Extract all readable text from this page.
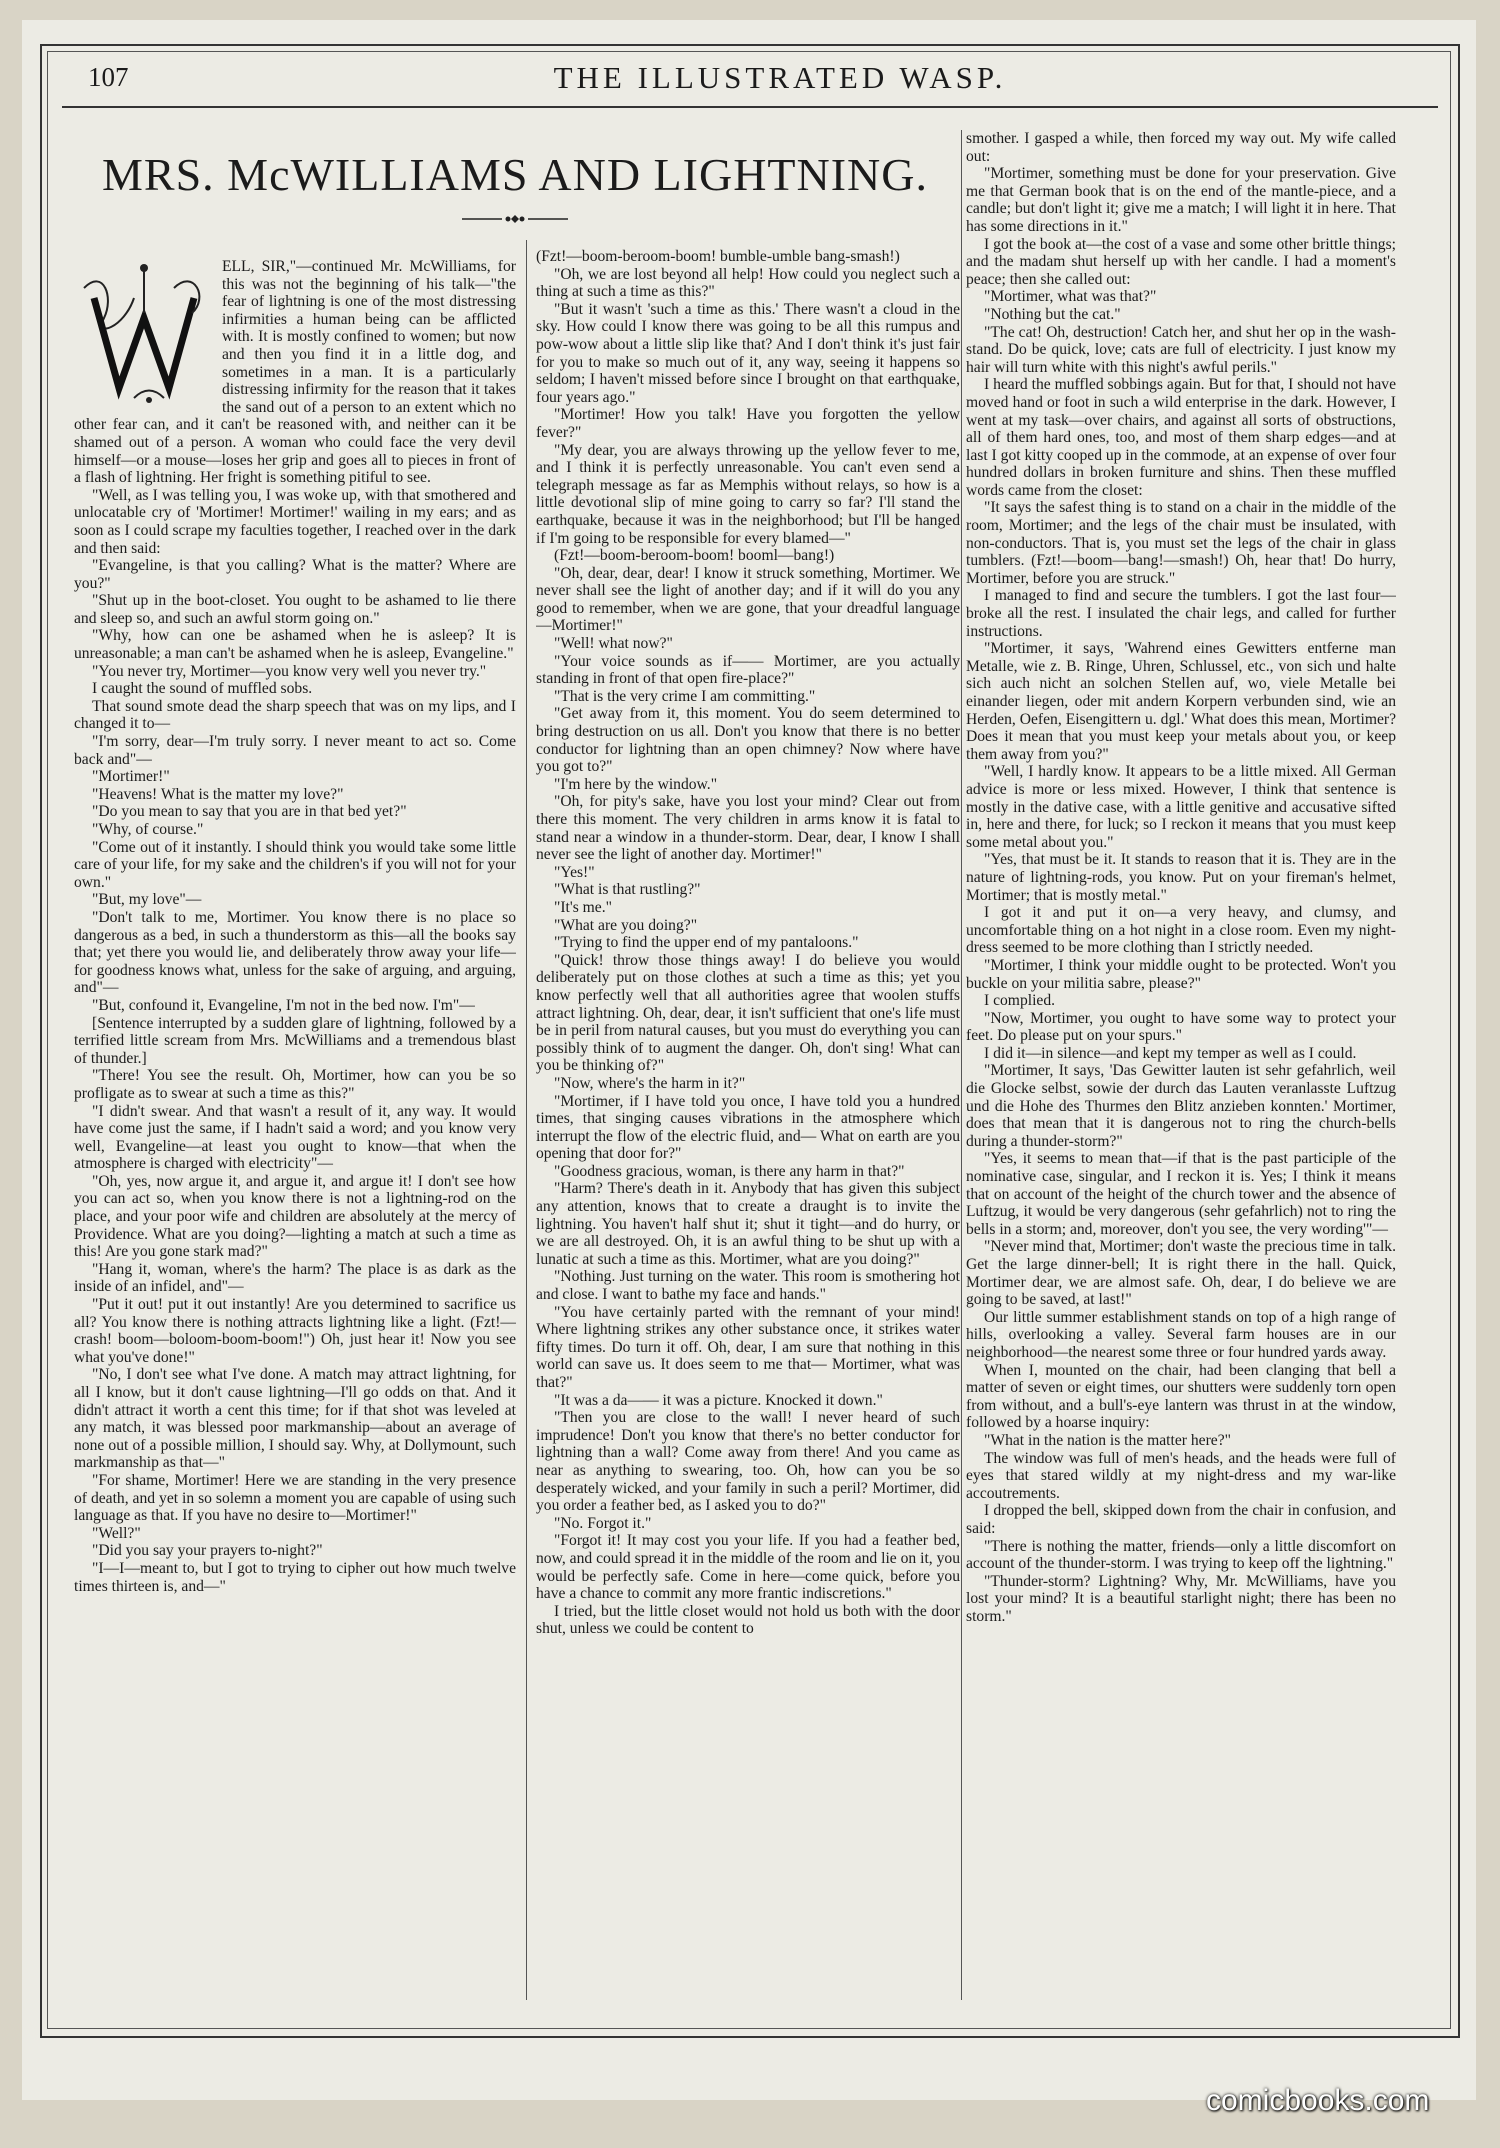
107	THE ILLUSTRATED WASP.
MRS. McWILLIAMS AND LIGHTNING.

ELL, SIR,"—continued Mr. McWilliams, for this was not the beginning of his talk—"the fear of lightning is one of the most distressing infirmities a human being can be afflicted with. It is mostly confined to women; but now and then you find it in a little dog, and sometimes in a man. It is a particularly distressing infirmity for the reason that it takes the sand out of a person to an extent which no other fear can, and it can't be reasoned with, and neither can it be shamed out of a person. A woman who could face the very devil himself—or a mouse—loses her grip and goes all to pieces in front of a flash of lightning. Her fright is something pitiful to see.

"Well, as I was telling you, I was woke up, with that smothered and unlocatable cry of 'Mortimer! Mortimer!' wailing in my ears; and as soon as I could scrape my faculties together, I reached over in the dark and then said:

"Evangeline, is that you calling? What is the matter? Where are you?"

"Shut up in the boot-closet. You ought to be ashamed to lie there and sleep so, and such an awful storm going on."

"Why, how can one be ashamed when he is asleep? It is unreasonable; a man can't be ashamed when he is asleep, Evangeline."

"You never try, Mortimer—you know very well you never try."

I caught the sound of muffled sobs.

That sound smote dead the sharp speech that was on my lips, and I changed it to—

"I'm sorry, dear—I'm truly sorry. I never meant to act so. Come back and"—

"Mortimer!"

"Heavens! What is the matter my love?"

"Do you mean to say that you are in that bed yet?"

"Why, of course."

"Come out of it instantly. I should think you would take some little care of your life, for my sake and the children's if you will not for your own."

"But, my love"—

"Don't talk to me, Mortimer. You know there is no place so dangerous as a bed, in such a thunderstorm as this—all the books say that; yet there you would lie, and deliberately throw away your life—for goodness knows what, unless for the sake of arguing, and arguing, and"—

"But, confound it, Evangeline, I'm not in the bed now. I'm"—

[Sentence interrupted by a sudden glare of lightning, followed by a terrified little scream from Mrs. McWilliams and a tremendous blast of thunder.]

"There! You see the result. Oh, Mortimer, how can you be so profligate as to swear at such a time as this?"

"I didn't swear. And that wasn't a result of it, any way. It would have come just the same, if I hadn't said a word; and you know very well, Evangeline—at least you ought to know—that when the atmosphere is charged with electricity"—

"Oh, yes, now argue it, and argue it, and argue it! I don't see how you can act so, when you know there is not a lightning-rod on the place, and your poor wife and children are absolutely at the mercy of Providence. What are you doing?—lighting a match at such a time as this! Are you gone stark mad?"

"Hang it, woman, where's the harm? The place is as dark as the inside of an infidel, and"—

"Put it out! put it out instantly! Are you determined to sacrifice us all? You know there is nothing attracts lightning like a light. (Fzt!—crash! boom—boloom-boom-boom!") Oh, just hear it! Now you see what you've done!"

"No, I don't see what I've done. A match may attract lightning, for all I know, but it don't cause lightning—I'll go odds on that. And it didn't attract it worth a cent this time; for if that shot was leveled at any match, it was blessed poor markmanship—about an average of none out of a possible million, I should say. Why, at Dollymount, such markmanship as that—"

"For shame, Mortimer! Here we are standing in the very presence of death, and yet in so solemn a moment you are capable of using such language as that. If you have no desire to—Mortimer!"

"Well?"

"Did you say your prayers to-night?"

"I—I—meant to, but I got to trying to cipher out how much twelve times thirteen is, and—"

(Fzt!—boom-beroom-boom! bumble-umble bang-smash!)

"Oh, we are lost beyond all help! How could you neglect such a thing at such a time as this?"

"But it wasn't 'such a time as this.' There wasn't a cloud in the sky. How could I know there was going to be all this rumpus and pow-wow about a little slip like that? And I don't think it's just fair for you to make so much out of it, any way, seeing it happens so seldom; I haven't missed before since I brought on that earthquake, four years ago."

"Mortimer! How you talk! Have you forgotten the yellow fever?"

"My dear, you are always throwing up the yellow fever to me, and I think it is perfectly unreasonable. You can't even send a telegraph message as far as Memphis without relays, so how is a little devotional slip of mine going to carry so far? I'll stand the earthquake, because it was in the neighborhood; but I'll be hanged if I'm going to be responsible for every blamed—"

(Fzt!—boom-beroom-boom! booml—bang!)

"Oh, dear, dear, dear! I know it struck something, Mortimer. We never shall see the light of another day; and if it will do you any good to remember, when we are gone, that your dreadful language—Mortimer!"

"Well! what now?"

"Your voice sounds as if—— Mortimer, are you actually standing in front of that open fire-place?"

"That is the very crime I am committing."

"Get away from it, this moment. You do seem determined to bring destruction on us all. Don't you know that there is no better conductor for lightning than an open chimney? Now where have you got to?"

"I'm here by the window."

"Oh, for pity's sake, have you lost your mind? Clear out from there this moment. The very children in arms know it is fatal to stand near a window in a thunder-storm. Dear, dear, I know I shall never see the light of another day. Mortimer!"

"Yes!"

"What is that rustling?"

"It's me."

"What are you doing?"

"Trying to find the upper end of my pantaloons."

"Quick! throw those things away! I do believe you would deliberately put on those clothes at such a time as this; yet you know perfectly well that all authorities agree that woolen stuffs attract lightning. Oh, dear, dear, it isn't sufficient that one's life must be in peril from natural causes, but you must do everything you can possibly think of to augment the danger. Oh, don't sing! What can you be thinking of?"

"Now, where's the harm in it?"

"Mortimer, if I have told you once, I have told you a hundred times, that singing causes vibrations in the atmosphere which interrupt the flow of the electric fluid, and— What on earth are you opening that door for?"

"Goodness gracious, woman, is there any harm in that?"

"Harm? There's death in it. Anybody that has given this subject any attention, knows that to create a draught is to invite the lightning. You haven't half shut it; shut it tight—and do hurry, or we are all destroyed. Oh, it is an awful thing to be shut up with a lunatic at such a time as this. Mortimer, what are you doing?"

"Nothing. Just turning on the water. This room is smothering hot and close. I want to bathe my face and hands."

"You have certainly parted with the remnant of your mind! Where lightning strikes any other substance once, it strikes water fifty times. Do turn it off. Oh, dear, I am sure that nothing in this world can save us. It does seem to me that— Mortimer, what was that?"

"It was a da—— it was a picture. Knocked it down."

"Then you are close to the wall! I never heard of such imprudence! Don't you know that there's no better conductor for lightning than a wall? Come away from there! And you came as near as anything to swearing, too. Oh, how can you be so desperately wicked, and your family in such a peril? Mortimer, did you order a feather bed, as I asked you to do?"

"No. Forgot it."

"Forgot it! It may cost you your life. If you had a feather bed, now, and could spread it in the middle of the room and lie on it, you would be perfectly safe. Come in here—come quick, before you have a chance to commit any more frantic indiscretions."

I tried, but the little closet would not hold us both with the door shut, unless we could be content to

smother. I gasped a while, then forced my way out. My wife called out:

"Mortimer, something must be done for your preservation. Give me that German book that is on the end of the mantle-piece, and a candle; but don't light it; give me a match; I will light it in here. That has some directions in it."

I got the book at—the cost of a vase and some other brittle things; and the madam shut herself up with her candle. I had a moment's peace; then she called out:

"Mortimer, what was that?"

"Nothing but the cat."

"The cat! Oh, destruction! Catch her, and shut her op in the wash-stand. Do be quick, love; cats are full of electricity. I just know my hair will turn white with this night's awful perils."

I heard the muffled sobbings again. But for that, I should not have moved hand or foot in such a wild enterprise in the dark. However, I went at my task—over chairs, and against all sorts of obstructions, all of them hard ones, too, and most of them sharp edges—and at last I got kitty cooped up in the commode, at an expense of over four hundred dollars in broken furniture and shins. Then these muffled words came from the closet:

"It says the safest thing is to stand on a chair in the middle of the room, Mortimer; and the legs of the chair must be insulated, with non-conductors. That is, you must set the legs of the chair in glass tumblers. (Fzt!—boom—bang!—smash!) Oh, hear that! Do hurry, Mortimer, before you are struck."

I managed to find and secure the tumblers. I got the last four—broke all the rest. I insulated the chair legs, and called for further instructions.

"Mortimer, it says, 'Wahrend eines Gewitters entferne man Metalle, wie z. B. Ringe, Uhren, Schlussel, etc., von sich und halte sich auch nicht an solchen Stellen auf, wo, viele Metalle bei einander liegen, oder mit andern Korpern verbunden sind, wie an Herden, Oefen, Eisengittern u. dgl.' What does this mean, Mortimer? Does it mean that you must keep your metals about you, or keep them away from you?"

"Well, I hardly know. It appears to be a little mixed. All German advice is more or less mixed. However, I think that sentence is mostly in the dative case, with a little genitive and accusative sifted in, here and there, for luck; so I reckon it means that you must keep some metal about you."

"Yes, that must be it. It stands to reason that it is. They are in the nature of lightning-rods, you know. Put on your fireman's helmet, Mortimer; that is mostly metal."

I got it and put it on—a very heavy, and clumsy, and uncomfortable thing on a hot night in a close room. Even my night-dress seemed to be more clothing than I strictly needed.

"Mortimer, I think your middle ought to be protected. Won't you buckle on your militia sabre, please?"

I complied.

"Now, Mortimer, you ought to have some way to protect your feet. Do please put on your spurs."

I did it—in silence—and kept my temper as well as I could.

"Mortimer, It says, 'Das Gewitter lauten ist sehr gefahrlich, weil die Glocke selbst, sowie der durch das Lauten veranlasste Luftzug und die Hohe des Thurmes den Blitz anzieben konnten.' Mortimer, does that mean that it is dangerous not to ring the church-bells during a thunder-storm?"

"Yes, it seems to mean that—if that is the past participle of the nominative case, singular, and I reckon it is. Yes; I think it means that on account of the height of the church tower and the absence of Luftzug, it would be very dangerous (sehr gefahrlich) not to ring the bells in a storm; and, moreover, don't you see, the very wording'"—

"Never mind that, Mortimer; don't waste the precious time in talk. Get the large dinner-bell; It is right there in the hall. Quick, Mortimer dear, we are almost safe. Oh, dear, I do believe we are going to be saved, at last!"

Our little summer establishment stands on top of a high range of hills, overlooking a valley. Several farm houses are in our neighborhood—the nearest some three or four hundred yards away.

When I, mounted on the chair, had been clanging that bell a matter of seven or eight times, our shutters were suddenly torn open from without, and a bull's-eye lantern was thrust in at the window, followed by a hoarse inquiry:

"What in the nation is the matter here?"

The window was full of men's heads, and the heads were full of eyes that stared wildly at my night-dress and my war-like accoutrements.

I dropped the bell, skipped down from the chair in confusion, and said:

"There is nothing the matter, friends—only a little discomfort on account of the thunder-storm. I was trying to keep off the lightning."

"Thunder-storm? Lightning? Why, Mr. McWilliams, have you lost your mind? It is a beautiful starlight night; there has been no storm."

comicbooks.com
